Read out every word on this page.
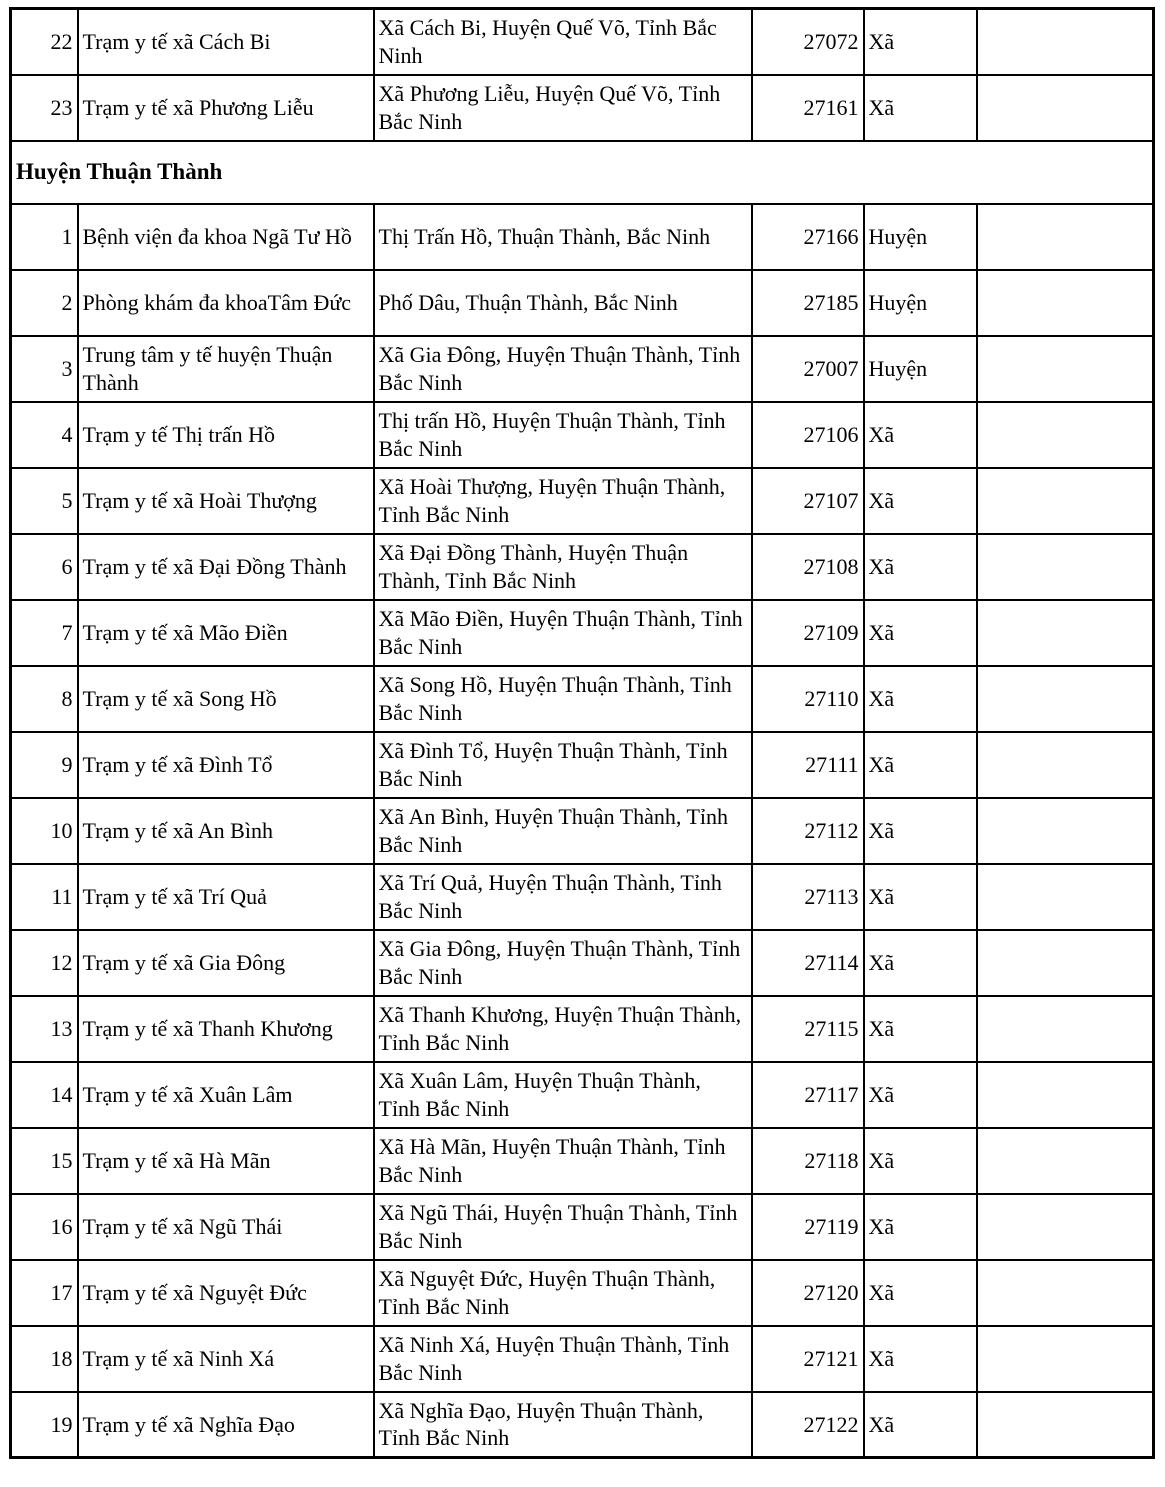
22	Trạm y tế xã Cách Bi	Xã Cách Bi, Huyện Quế Võ, Tỉnh Bắc Ninh	27072	Xã	
23	Trạm y tế xã Phương Liễu	Xã Phương Liễu, Huyện Quế Võ, Tỉnh Bắc Ninh	27161	Xã	
Huyện Thuận Thành					
1	Bệnh viện đa khoa Ngã Tư Hồ	Thị Trấn Hồ, Thuận Thành, Bắc Ninh	27166	Huyện	
2	Phòng khám đa khoaTâm Đức	Phố Dâu, Thuận Thành, Bắc Ninh	27185	Huyện	
3	Trung tâm y tế huyện Thuận Thành	Xã Gia Đông, Huyện Thuận Thành, Tỉnh Bắc Ninh	27007	Huyện	
4	Trạm y tế Thị trấn Hồ	Thị trấn Hồ, Huyện Thuận Thành, Tỉnh Bắc Ninh	27106	Xã	
5	Trạm y tế xã Hoài Thượng	Xã Hoài Thượng, Huyện Thuận Thành, Tỉnh Bắc Ninh	27107	Xã	
6	Trạm y tế xã Đại Đồng Thành	Xã Đại Đồng Thành, Huyện Thuận Thành, Tỉnh Bắc Ninh	27108	Xã	
7	Trạm y tế xã Mão Điền	Xã Mão Điền, Huyện Thuận Thành, Tỉnh Bắc Ninh	27109	Xã	
8	Trạm y tế xã Song Hồ	Xã Song Hồ, Huyện Thuận Thành, Tỉnh Bắc Ninh	27110	Xã	
9	Trạm y tế xã Đình Tổ	Xã Đình Tổ, Huyện Thuận Thành, Tỉnh Bắc Ninh	27111	Xã	
10	Trạm y tế xã An Bình	Xã An Bình, Huyện Thuận Thành, Tỉnh Bắc Ninh	27112	Xã	
11	Trạm y tế xã Trí Quả	Xã Trí Quả, Huyện Thuận Thành, Tỉnh Bắc Ninh	27113	Xã	
12	Trạm y tế xã Gia Đông	Xã Gia Đông, Huyện Thuận Thành, Tỉnh Bắc Ninh	27114	Xã	
13	Trạm y tế xã Thanh Khương	Xã Thanh Khương, Huyện Thuận Thành, Tỉnh Bắc Ninh	27115	Xã	
14	Trạm y tế xã Xuân Lâm	Xã Xuân Lâm, Huyện Thuận Thành, Tỉnh Bắc Ninh	27117	Xã	
15	Trạm y tế xã Hà Mãn	Xã Hà Mãn, Huyện Thuận Thành, Tỉnh Bắc Ninh	27118	Xã	
16	Trạm y tế xã Ngũ Thái	Xã Ngũ Thái, Huyện Thuận Thành, Tỉnh Bắc Ninh	27119	Xã	
17	Trạm y tế xã Nguyệt Đức	Xã Nguyệt Đức, Huyện Thuận Thành, Tỉnh Bắc Ninh	27120	Xã	
18	Trạm y tế xã Ninh Xá	Xã Ninh Xá, Huyện Thuận Thành, Tỉnh Bắc Ninh	27121	Xã	
19	Trạm y tế xã Nghĩa Đạo	Xã Nghĩa Đạo, Huyện Thuận Thành, Tỉnh Bắc Ninh	27122	Xã	
